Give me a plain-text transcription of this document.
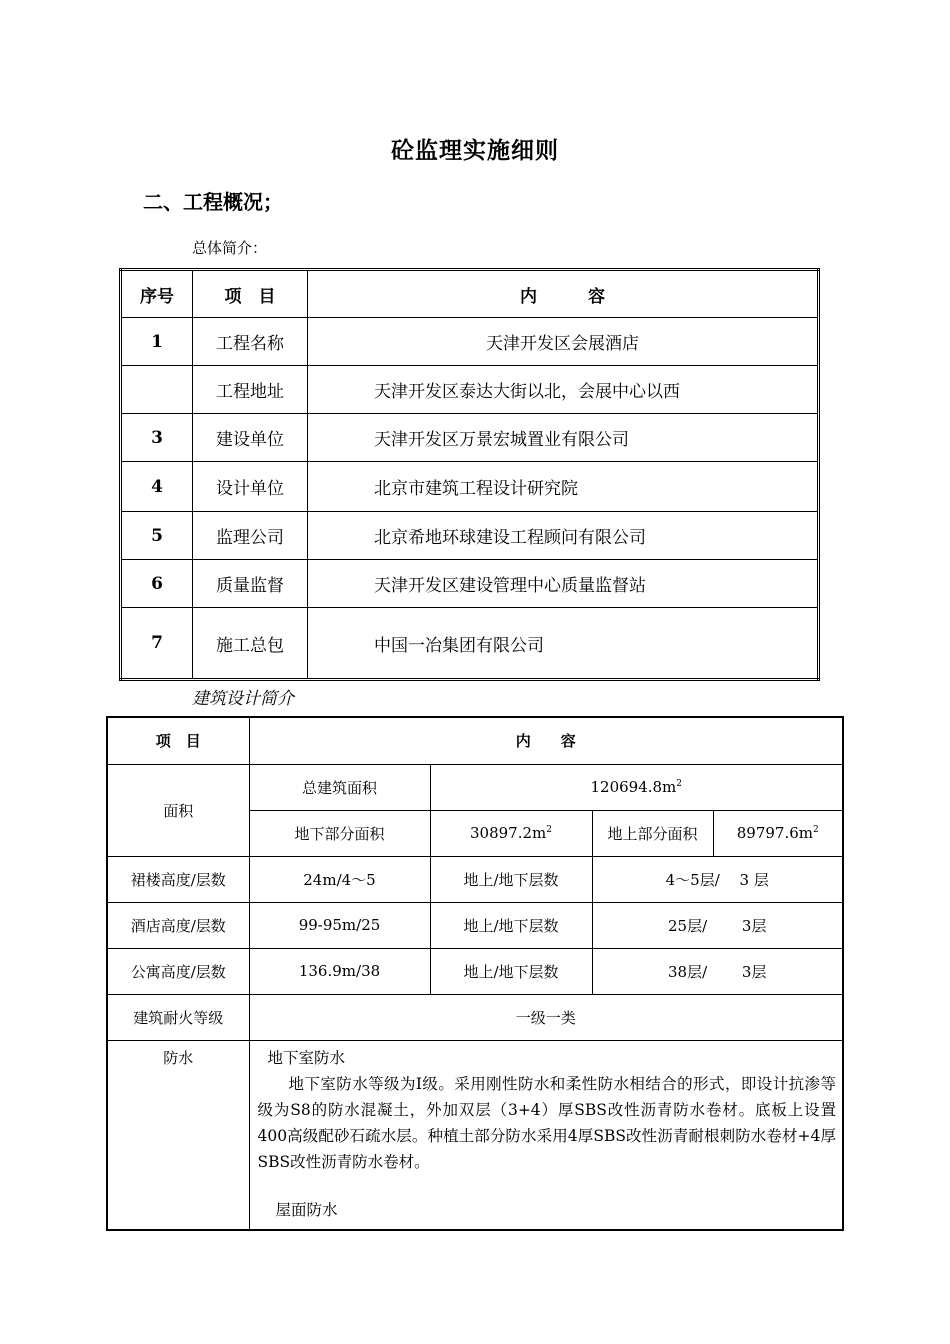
砼监理实施细则
二、工程概况；
总体简介：
序号	项　目	内　　　容
1	工程名称	天津开发区会展酒店
	工程地址	天津开发区泰达大街以北，会展中心以西
3	建设单位	天津开发区万景宏城置业有限公司
4	设计单位	北京市建筑工程设计研究院
5	监理公司	北京希地环球建设工程顾问有限公司
6	质量监督	天津开发区建设管理中心质量监督站
7	施工总包	中国一冶集团有限公司
建筑设计简介
项　目	内　　容			
面积	总建筑面积	$120694.8m^2$
	地下部分面积	$30897.2m^2$	地上部分面积	$89797.6m^2$
裙楼高度/层数	24m/4～5	地上/地下层数	4～5层/　 3 层	
酒店高度/层数	99-95m/25	地上/地下层数	25层/　 　3层	
公寓高度/层数	136.9m/38	地上/地下层数	38层/　 　3层	
建筑耐火等级	一级一类			
防水	地下室防水
地下室防水等级为Ⅰ级。采用刚性防水和柔性防水相结合的形式，即设计抗渗等级为S8的防水混凝土，外加双层（3+4）厚SBS改性沥青防水卷材。底板上设置400高级配砂石疏水层。种植土部分防水采用4厚SBS改性沥青耐根刺防水卷材+4厚SBS改性沥青防水卷材。
屋面防水			
